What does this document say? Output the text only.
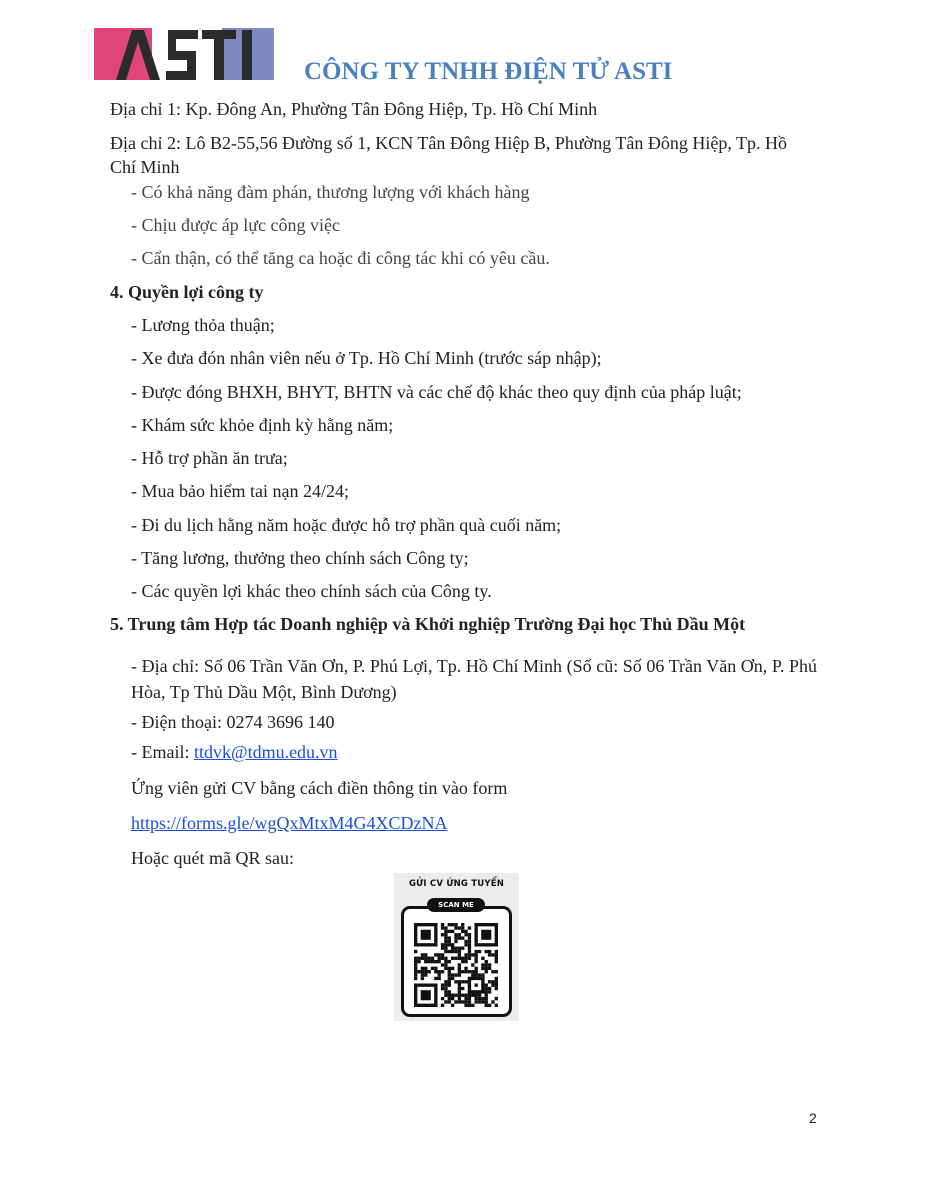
CÔNG TY TNHH ĐIỆN TỬ ASTI
Địa chỉ 1: Kp. Đông An, Phường Tân Đông Hiệp, Tp. Hồ Chí Minh
Địa chỉ 2: Lô B2-55,56 Đường số 1, KCN Tân Đông Hiệp B, Phường Tân Đông Hiệp, Tp. Hồ Chí Minh
- Có khả năng đàm phán, thương lượng với khách hàng
- Chịu được áp lực công việc
- Cẩn thận, có thể tăng ca hoặc đi công tác khi có yêu cầu.
4. Quyền lợi công ty
- Lương thỏa thuận;
- Xe đưa đón nhân viên nếu ở Tp. Hồ Chí Minh (trước sáp nhập);
- Được đóng BHXH, BHYT, BHTN và các chế độ khác theo quy định của pháp luật;
- Khám sức khỏe định kỳ hằng năm;
- Hỗ trợ phần ăn trưa;
- Mua bảo hiểm tai nạn 24/24;
- Đi du lịch hằng năm hoặc được hỗ trợ phần quà cuối năm;
- Tăng lương, thưởng theo chính sách Công ty;
- Các quyền lợi khác theo chính sách của Công ty.
5. Trung tâm Hợp tác Doanh nghiệp và Khởi nghiệp Trường Đại học Thủ Dầu Một
- Địa chỉ: Số 06 Trần Văn Ơn, P. Phú Lợi, Tp. Hồ Chí Minh (Số cũ: Số 06 Trần Văn Ơn, P. Phú Hòa, Tp Thủ Dầu Một, Bình Dương)
- Điện thoại: 0274 3696 140
- Email: ttdvk@tdmu.edu.vn
Ứng viên gửi CV bằng cách điền thông tin vào form
https://forms.gle/wgQxMtxM4G4XCDzNA
Hoặc quét mã QR sau:
GỬI CV ỨNG TUYỂN
SCAN ME
2
